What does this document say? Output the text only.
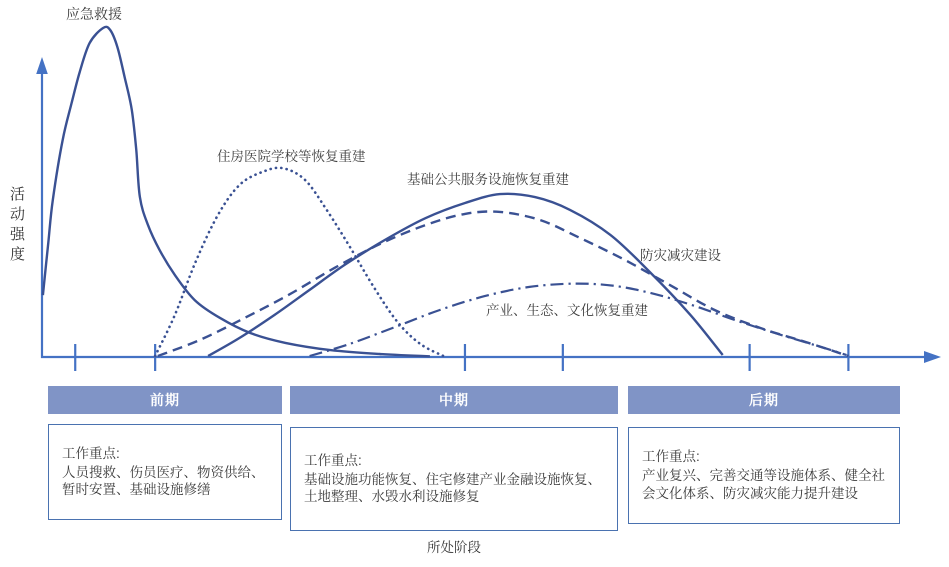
活动强度
应急救援
住房医院学校等恢复重建
基础公共服务设施恢复重建
防灾减灾建设
产业、生态、文化恢复重建
前期	中期	后期
工作重点:
人员搜救、伤员医疗、物资供给、暂时安置、基础设施修缮
工作重点:
基础设施功能恢复、住宅修建产业金融设施恢复、土地整理、水毁水利设施修复
工作重点:
产业复兴、完善交通等设施体系、健全社会文化体系、防灾减灾能力提升建设
所处阶段
